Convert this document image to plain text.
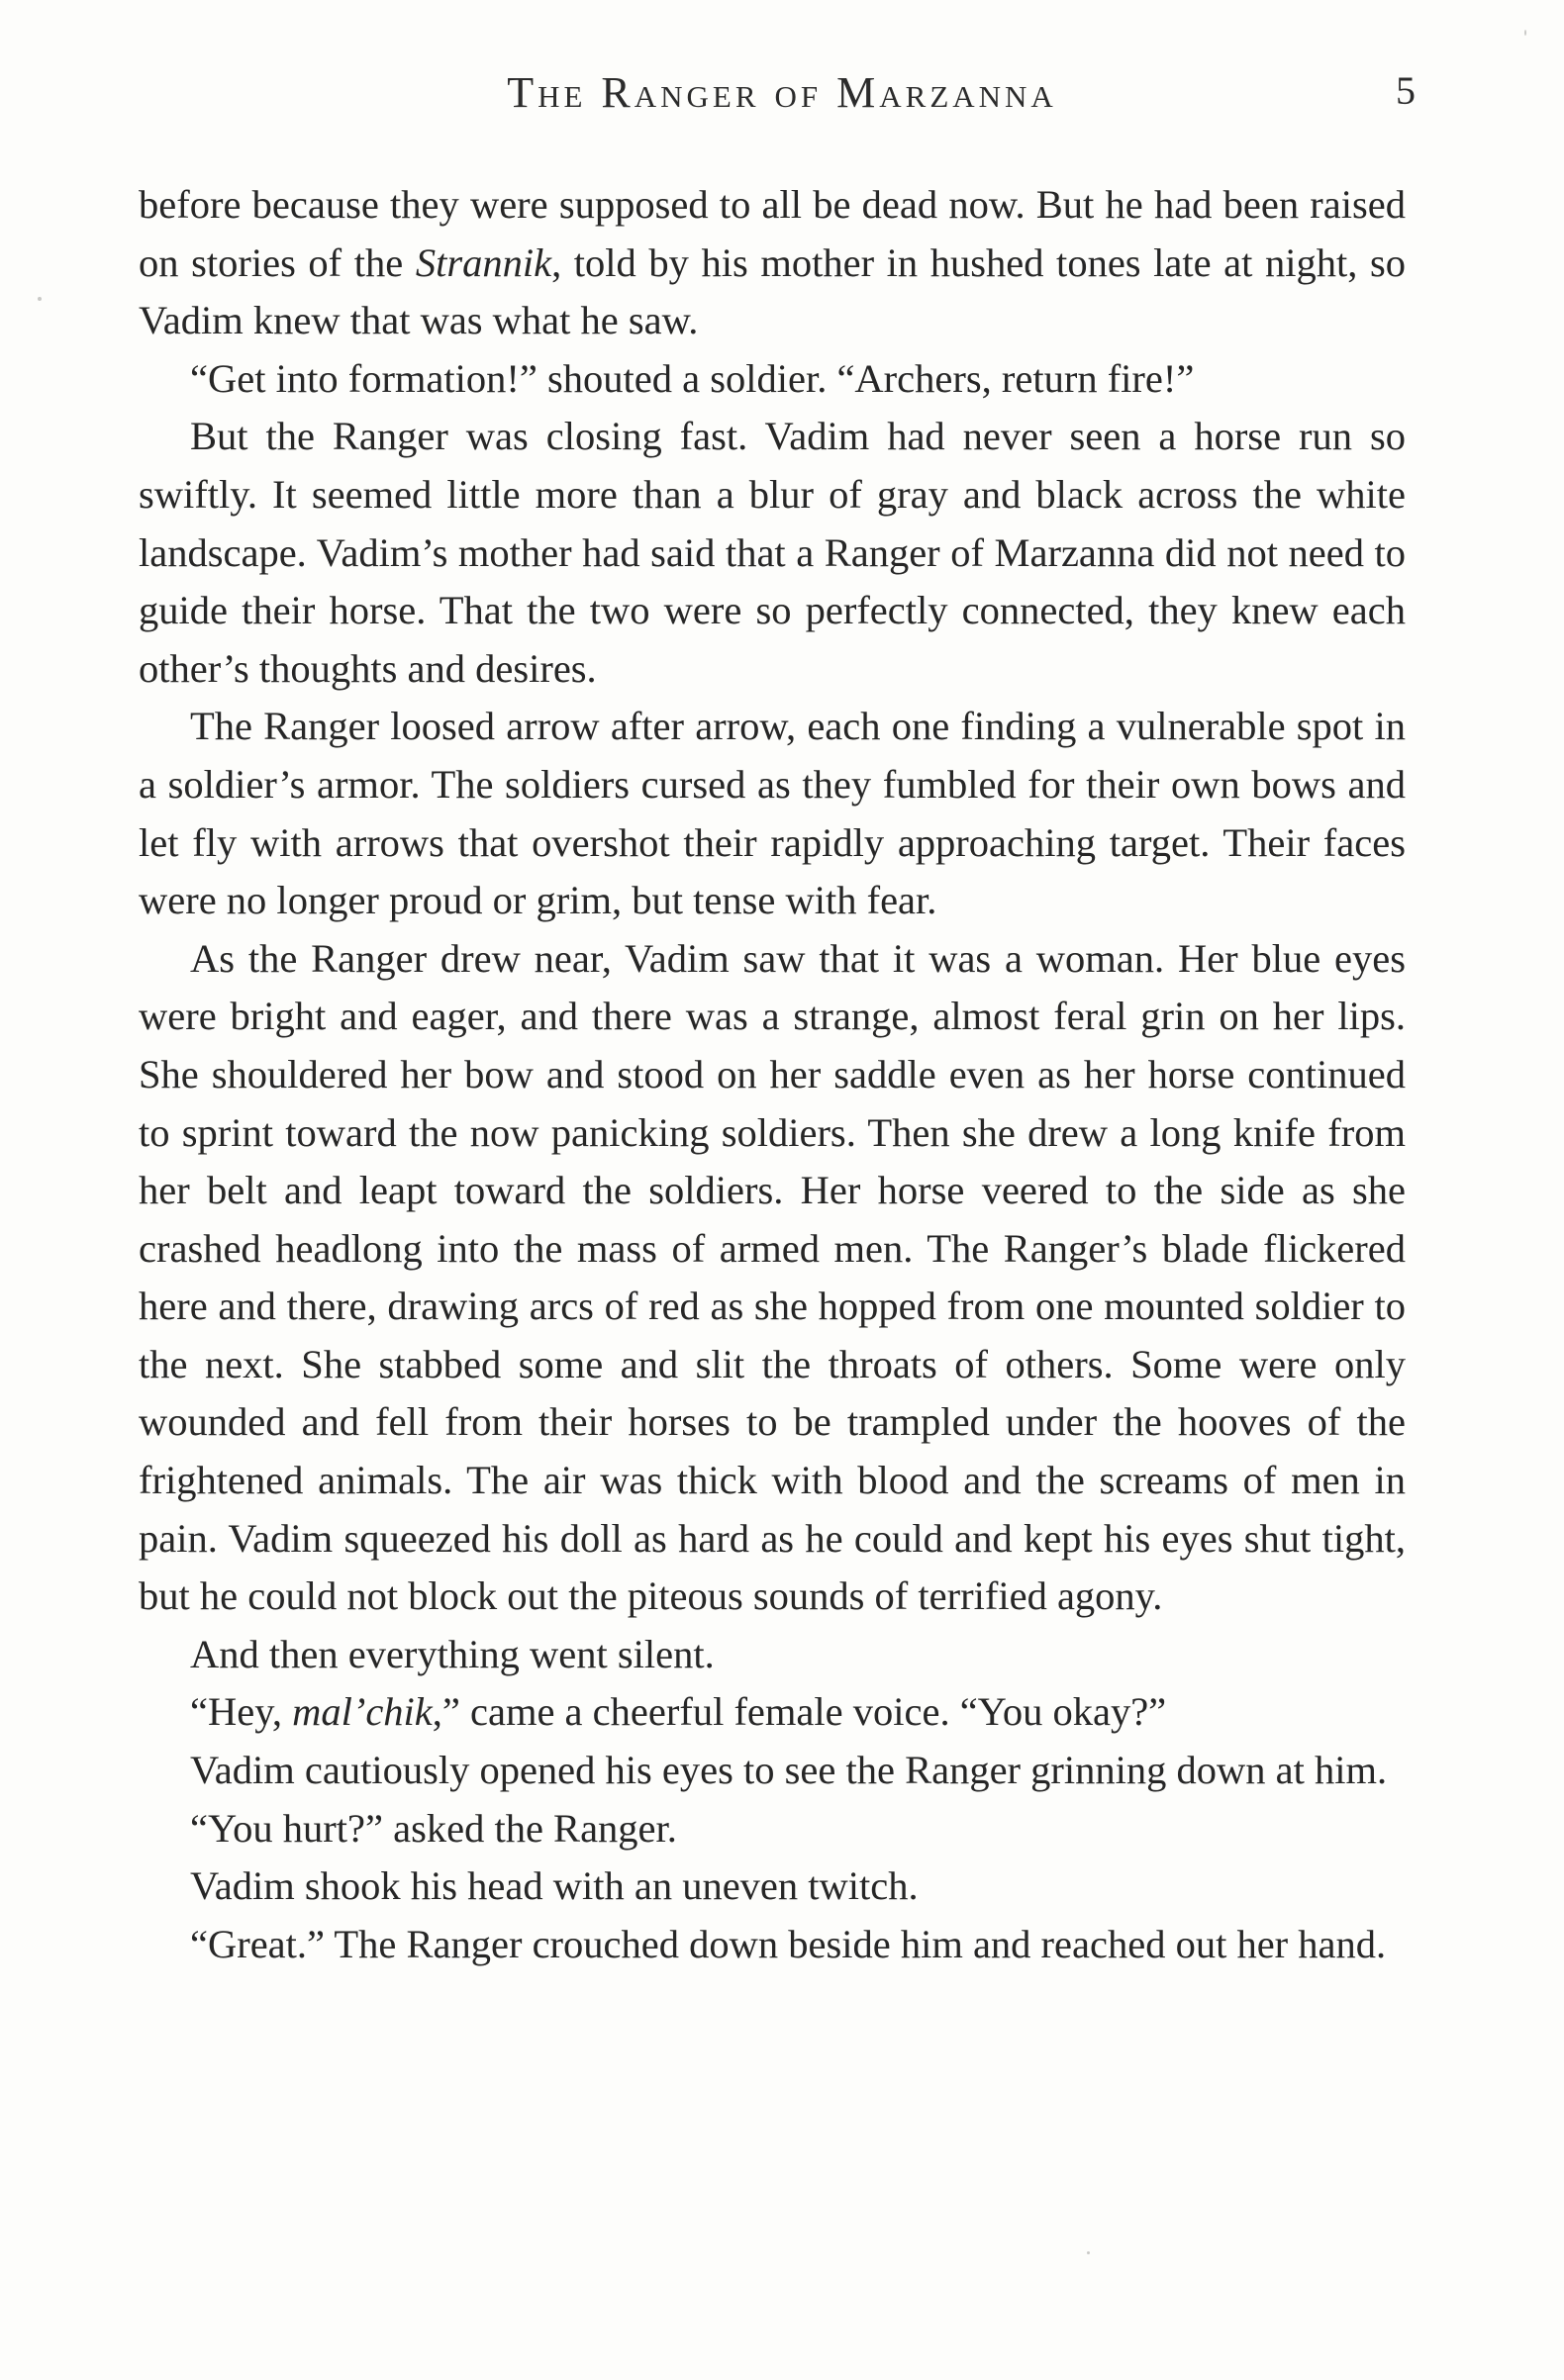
The Ranger of Marzanna	5

before because they were supposed to all be dead now. But he had been raised on stories of the Strannik, told by his mother in hushed tones late at night, so Vadim knew that was what he saw.

“Get into formation!” shouted a soldier. “Archers, return fire!”

But the Ranger was closing fast. Vadim had never seen a horse run so swiftly. It seemed little more than a blur of gray and black across the white landscape. Vadim’s mother had said that a Ranger of Marzanna did not need to guide their horse. That the two were so perfectly connected, they knew each other’s thoughts and desires.

The Ranger loosed arrow after arrow, each one finding a vulnerable spot in a soldier’s armor. The soldiers cursed as they fumbled for their own bows and let fly with arrows that overshot their rapidly approaching target. Their faces were no longer proud or grim, but tense with fear.

As the Ranger drew near, Vadim saw that it was a woman. Her blue eyes were bright and eager, and there was a strange, almost feral grin on her lips. She shouldered her bow and stood on her saddle even as her horse continued to sprint toward the now panicking soldiers. Then she drew a long knife from her belt and leapt toward the soldiers. Her horse veered to the side as she crashed headlong into the mass of armed men. The Ranger’s blade flickered here and there, drawing arcs of red as she hopped from one mounted soldier to the next. She stabbed some and slit the throats of others. Some were only wounded and fell from their horses to be trampled under the hooves of the frightened animals. The air was thick with blood and the screams of men in pain. Vadim squeezed his doll as hard as he could and kept his eyes shut tight, but he could not block out the piteous sounds of terrified agony.

And then everything went silent.

“Hey, mal’chik,” came a cheerful female voice. “You okay?”

Vadim cautiously opened his eyes to see the Ranger grinning down at him.

“You hurt?” asked the Ranger.

Vadim shook his head with an uneven twitch.

“Great.” The Ranger crouched down beside him and reached out her hand.
